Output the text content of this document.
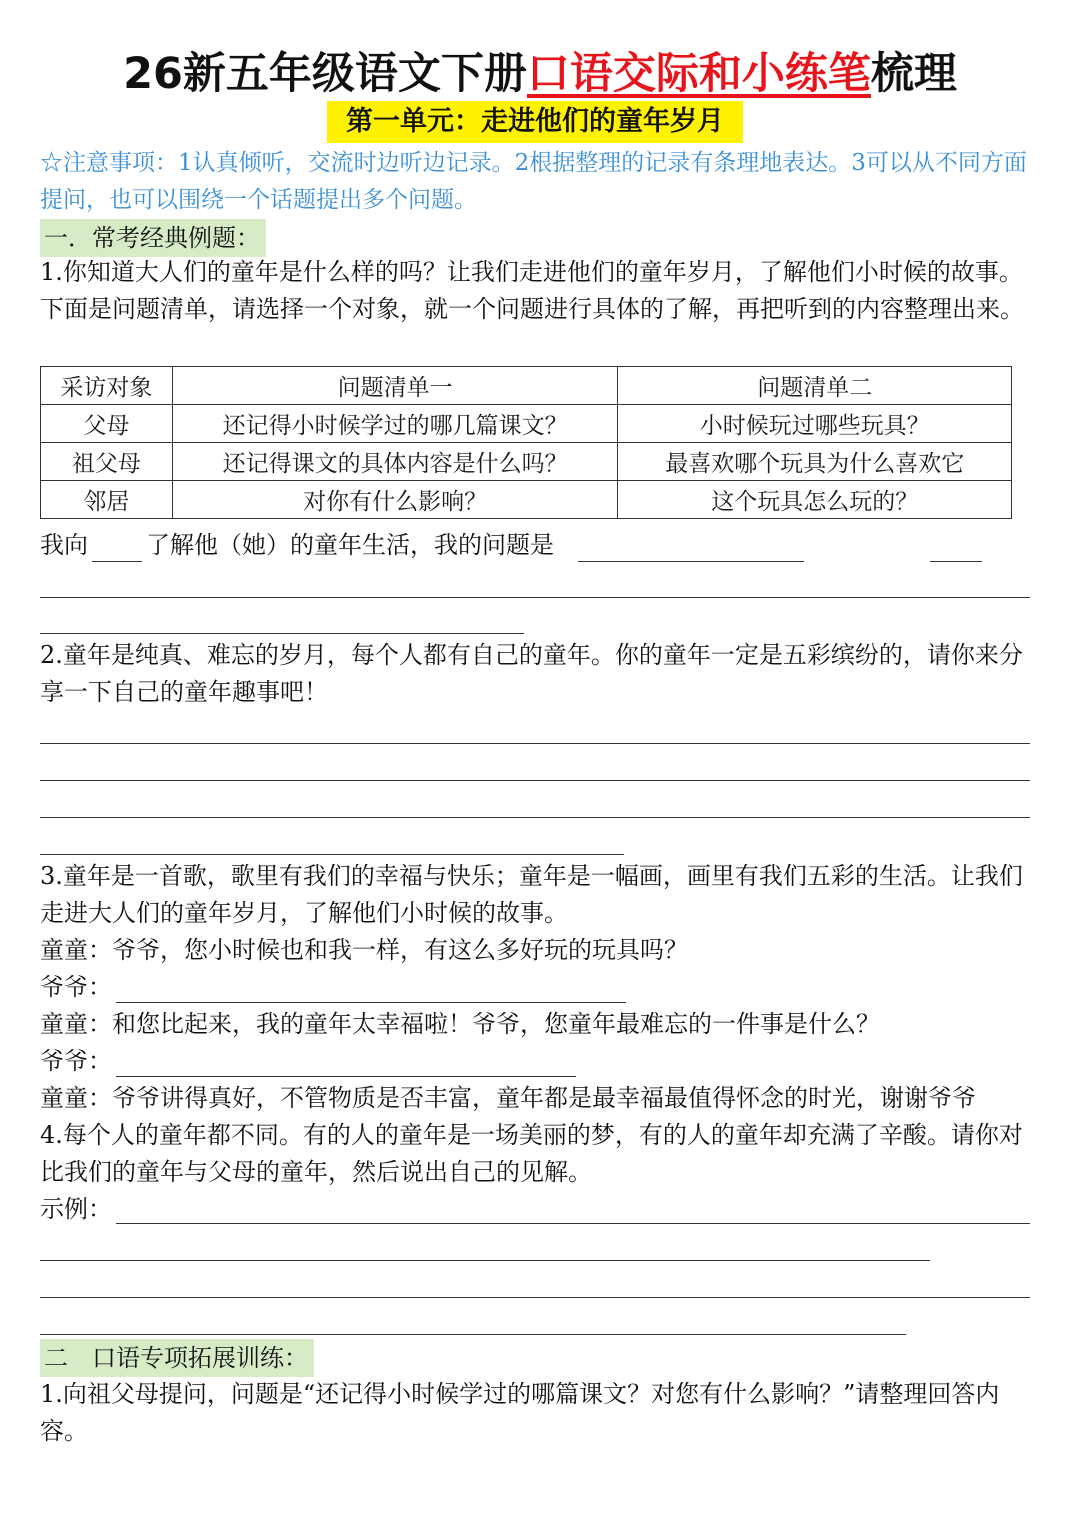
26新五年级语文下册口语交际和小练笔梳理
第一单元：走进他们的童年岁月
☆注意事项：1认真倾听，交流时边听边记录。2根据整理的记录有条理地表达。3可以从不同方面提问，也可以围绕一个话题提出多个问题。
一．常考经典例题：
1.你知道大人们的童年是什么样的吗？让我们走进他们的童年岁月，了解他们小时候的故事。下面是问题清单，请选择一个对象，就一个问题进行具体的了解，再把听到的内容整理出来。
采访对象	问题清单一	问题清单二
父母	还记得小时候学过的哪几篇课文？	小时候玩过哪些玩具？
祖父母	还记得课文的具体内容是什么吗？	最喜欢哪个玩具为什么喜欢它
邻居	对你有什么影响？	这个玩具怎么玩的？
我向 了解他（她）的童年生活，我的问题是
2.童年是纯真、难忘的岁月，每个人都有自己的童年。你的童年一定是五彩缤纷的，请你来分享一下自己的童年趣事吧！
3.童年是一首歌，歌里有我们的幸福与快乐；童年是一幅画，画里有我们五彩的生活。让我们走进大人们的童年岁月，了解他们小时候的故事。
童童：爷爷，您小时候也和我一样，有这么多好玩的玩具吗？
爷爷：
童童：和您比起来，我的童年太幸福啦！爷爷，您童年最难忘的一件事是什么？
爷爷：
童童：爷爷讲得真好，不管物质是否丰富，童年都是最幸福最值得怀念的时光，谢谢爷爷
4.每个人的童年都不同。有的人的童年是一场美丽的梦，有的人的童年却充满了辛酸。请你对比我们的童年与父母的童年，然后说出自己的见解。
示例：
二　口语专项拓展训练：
1.向祖父母提问，问题是“还记得小时候学过的哪篇课文？对您有什么影响？”请整理回答内容。
